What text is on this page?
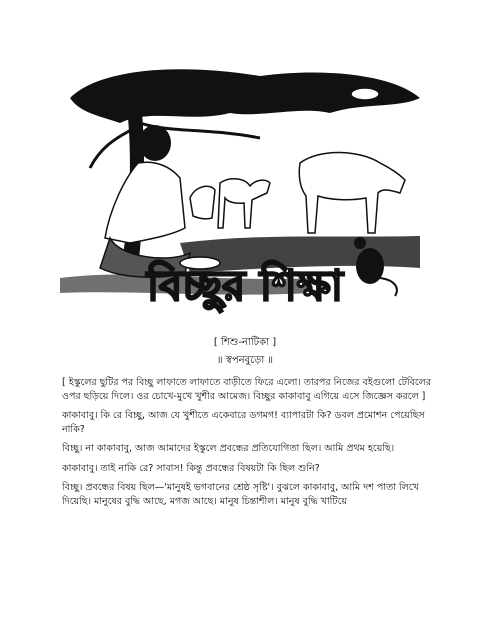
বিচ্ছুর শিক্ষা
[ শিশু-নাটিকা ]
॥ স্বপনবুড়ো ॥

[ ইস্কুলের ছুটির পর বিচ্ছু লাফাতে লাফাতে বাড়ীতে ফিরে এলো। তারপর নিজের বইগুলো টেবিলের ওপর ছড়িয়ে দিলে। ওর চোখে-মুখে খুশীর আমেজ। বিচ্ছুর কাকাবাবু এগিয়ে এসে জিজ্ঞেস করলে ]

কাকাবাবু। কি রে বিচ্ছু, আজ যে খুশীতে একেবারে ডগমগ! ব্যাপারটা কি? ডবল প্রমোশন পেয়েছিস নাকি?

বিচ্ছু। না কাকাবাবু, আজ আমাদের ইস্কুলে প্রবন্ধের প্রতিযোগিতা ছিল। আমি প্রথম হয়েছি।

কাকাবাবু। তাই নাকি রে? সাবাস! কিন্তু প্রবন্ধের বিষয়টা কি ছিল শুনি?

বিচ্ছু। প্রবন্ধের বিষয় ছিল—'মানুষই ভগবানের শ্রেষ্ঠ সৃষ্টি'। বুঝলে কাকাবাবু, আমি দশ পাতা লিখে দিয়েছি। মানুষের বুদ্ধি আছে, মগজ আছে। মানুষ চিন্তাশীল। মানুষ বুদ্ধি খাটিয়ে
